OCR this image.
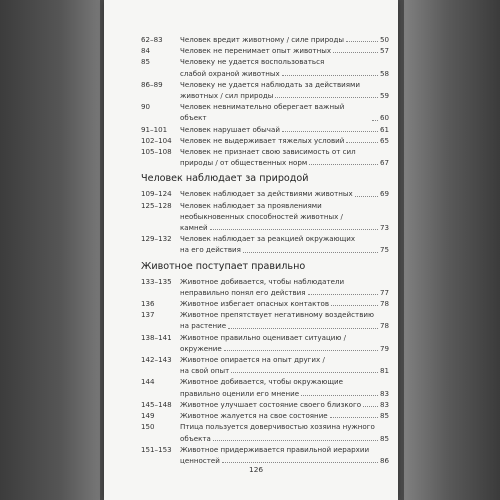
62–83	Человек вредит животному / силе природы	50
84	Человек не перенимает опыт животных	57
85	Человеку не удается воспользоваться
слабой охраной животных	58
86–89	Человеку не удается наблюдать за действиями
животных / сил природы	59
90	Человек невнимательно оберегает важный объект	60
91–101	Человек нарушает обычай	61
102–104	Человек не выдерживает тяжелых условий	65
105–108	Человек не признает свою зависимость от сил
природы / от общественных норм	67
Человек наблюдает за природой
109–124	Человек наблюдает за действиями животных	69
125–128	Человек наблюдает за проявлениями
необыкновенных способностей животных /
камней	73
129–132	Человек наблюдает за реакцией окружающих
на его действия	75
Животное поступает правильно
133–135	Животное добивается, чтобы наблюдатели
неправильно понял его действия	77
136	Животное избегает опасных контактов	78
137	Животное препятствует негативному воздействию
на растение	78
138–141	Животное правильно оценивает ситуацию /
окружение	79
142–143	Животное опирается на опыт других /
на свой опыт	81
144	Животное добивается, чтобы окружающие
правильно оценили его мнение	83
145–148	Животное улучшает состояние своего близкого	83
149	Животное жалуется на свое состояние	85
150	Птица пользуется доверчивостью хозяина нужного
объекта	85
151–153	Животное придерживается правильной иерархии
ценностей	86
126
